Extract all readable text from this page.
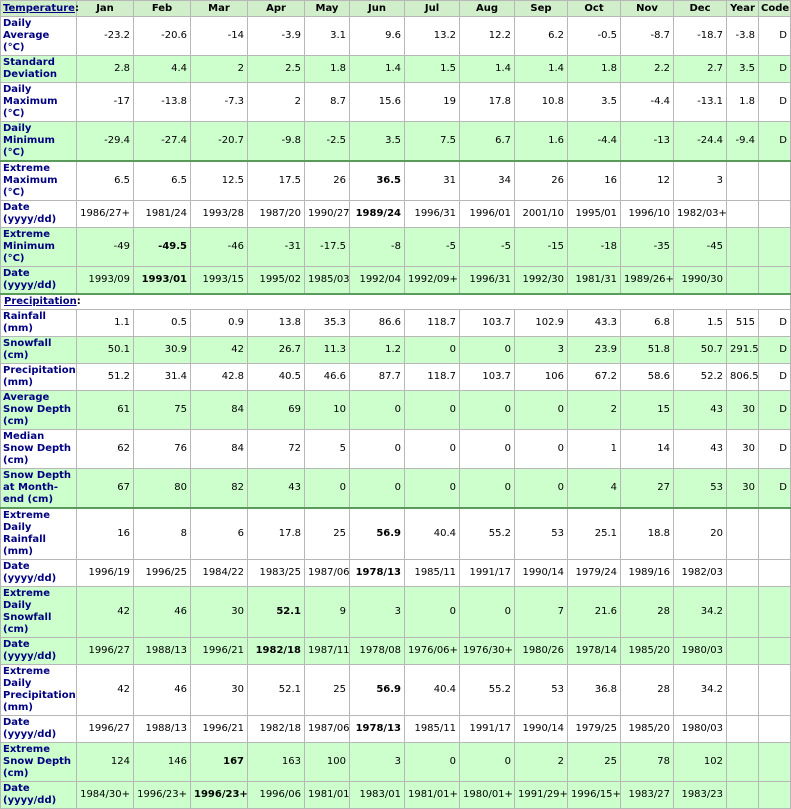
Temperature:	Jan	Feb	Mar	Apr	May	Jun	Jul	Aug	Sep	Oct	Nov	Dec	Year	Code
Daily Average (°C)	-23.2	-20.6	-14	-3.9	3.1	9.6	13.2	12.2	6.2	-0.5	-8.7	-18.7	-3.8	D
Standard Deviation	2.8	4.4	2	2.5	1.8	1.4	1.5	1.4	1.4	1.8	2.2	2.7	3.5	D
Daily Maximum (°C)	-17	-13.8	-7.3	2	8.7	15.6	19	17.8	10.8	3.5	-4.4	-13.1	1.8	D
Daily Minimum (°C)	-29.4	-27.4	-20.7	-9.8	-2.5	3.5	7.5	6.7	1.6	-4.4	-13	-24.4	-9.4	D
Extreme Maximum (°C)	6.5	6.5	12.5	17.5	26	36.5	31	34	26	16	12	3		
Date (yyyy/dd)	1986/27+	1981/24	1993/28	1987/20	1990/27	1989/24	1996/31	1996/01	2001/10	1995/01	1996/10	1982/03+		
Extreme Minimum (°C)	-49	-49.5	-46	-31	-17.5	-8	-5	-5	-15	-18	-35	-45		
Date (yyyy/dd)	1993/09	1993/01	1993/15	1995/02	1985/03	1992/04	1992/09+	1996/31	1992/30	1981/31	1989/26+	1990/30		
Precipitation:														
Rainfall (mm)	1.1	0.5	0.9	13.8	35.3	86.6	118.7	103.7	102.9	43.3	6.8	1.5	515	D
Snowfall (cm)	50.1	30.9	42	26.7	11.3	1.2	0	0	3	23.9	51.8	50.7	291.5	D
Precipitation (mm)	51.2	31.4	42.8	40.5	46.6	87.7	118.7	103.7	106	67.2	58.6	52.2	806.5	D
Average Snow Depth (cm)	61	75	84	69	10	0	0	0	0	2	15	43	30	D
Median Snow Depth (cm)	62	76	84	72	5	0	0	0	0	1	14	43	30	D
Snow Depth at Month-end (cm)	67	80	82	43	0	0	0	0	0	4	27	53	30	D
Extreme Daily Rainfall (mm)	16	8	6	17.8	25	56.9	40.4	55.2	53	25.1	18.8	20		
Date (yyyy/dd)	1996/19	1996/25	1984/22	1983/25	1987/06	1978/13	1985/11	1991/17	1990/14	1979/24	1989/16	1982/03		
Extreme Daily Snowfall (cm)	42	46	30	52.1	9	3	0	0	7	21.6	28	34.2		
Date (yyyy/dd)	1996/27	1988/13	1996/21	1982/18	1987/11	1978/08	1976/06+	1976/30+	1980/26	1978/14	1985/20	1980/03		
Extreme Daily Precipitation (mm)	42	46	30	52.1	25	56.9	40.4	55.2	53	36.8	28	34.2		
Date (yyyy/dd)	1996/27	1988/13	1996/21	1982/18	1987/06	1978/13	1985/11	1991/17	1990/14	1979/25	1985/20	1980/03		
Extreme Snow Depth (cm)	124	146	167	163	100	3	0	0	2	25	78	102		
Date (yyyy/dd)	1984/30+	1996/23+	1996/23+	1996/06	1981/01	1983/01	1981/01+	1980/01+	1991/29+	1996/15+	1983/27	1983/23		
